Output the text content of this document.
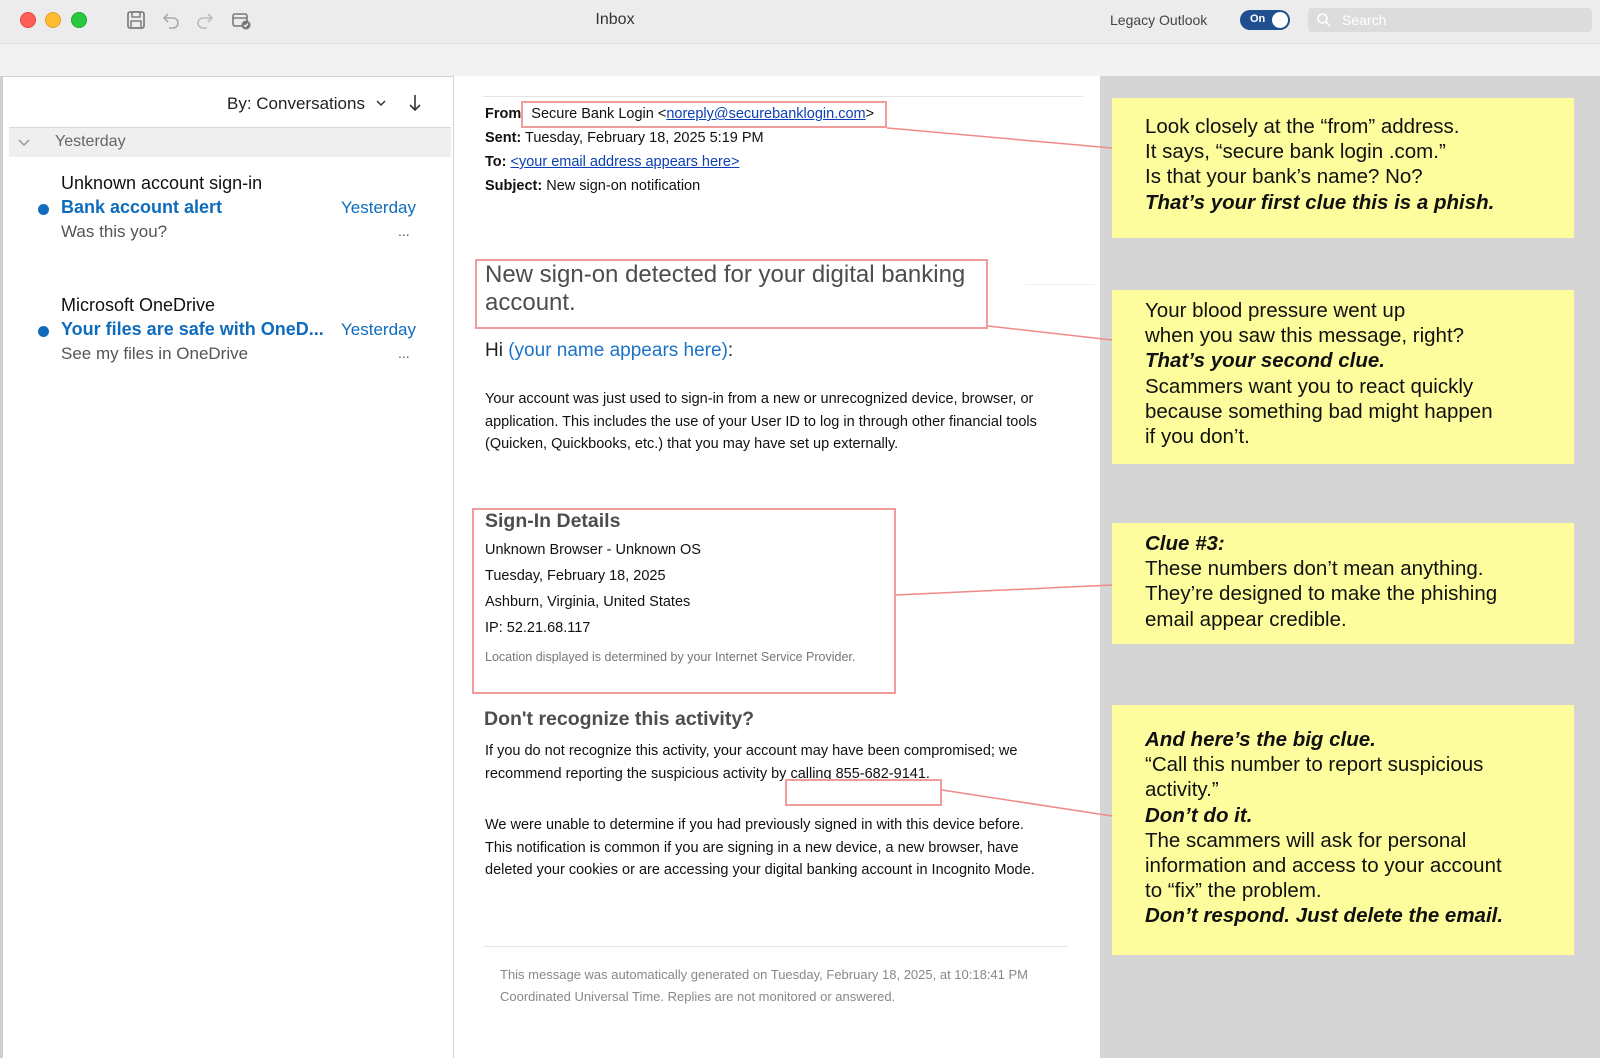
Inbox	Legacy Outlook	On
Search
By: Conversations
Yesterday
Unknown account sign-in
Bank account alert	Yesterday
Was this you?	...
Microsoft OneDrive
Your files are safe with OneD... Yesterday
See my files in OneDrive	...
From Secure Bank Login <noreply@securebanklogin.com>
Sent: Tuesday, February 18, 2025 5:19 PM
To: <your email address appears here>
Subject: New sign-on notification
New sign-on detected for your digital banking account.
Hi (your name appears here):
Your account was just used to sign-in from a new or unrecognized device, browser, or application. This includes the use of your User ID to log in through other financial tools (Quicken, Quickbooks, etc.) that you may have set up externally.
Sign-In Details
Unknown Browser - Unknown OS
Tuesday, February 18, 2025
Ashburn, Virginia, United States
IP: 52.21.68.117
Location displayed is determined by your Internet Service Provider.
Don't recognize this activity?
If you do not recognize this activity, your account may have been compromised; we recommend reporting the suspicious activity by calling 855-682-9141.
We were unable to determine if you had previously signed in with this device before. This notification is common if you are signing in a new device, a new browser, have deleted your cookies or are accessing your digital banking account in Incognito Mode.
This message was automatically generated on Tuesday, February 18, 2025, at 10:18:41 PM Coordinated Universal Time. Replies are not monitored or answered.
Look closely at the “from” address.
It says, “secure bank login .com.”
Is that your bank’s name? No?
That’s your first clue this is a phish.
Your blood pressure went up
when you saw this message, right?
That’s your second clue.
Scammers want you to react quickly
because something bad might happen
if you don’t.
Clue #3:
These numbers don’t mean anything.
They’re designed to make the phishing
email appear credible.
And here’s the big clue.
“Call this number to report suspicious
activity.”
Don’t do it.
The scammers will ask for personal
information and access to your account
to “fix” the problem.
Don’t respond. Just delete the email.
